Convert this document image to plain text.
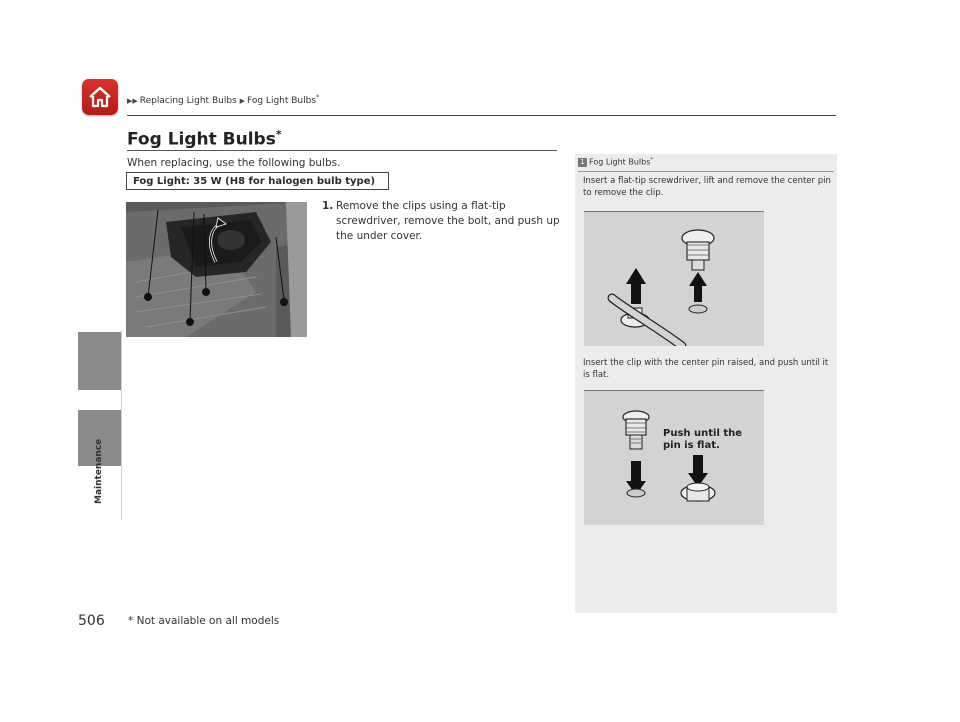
▶▶ Replacing Light Bulbs ▶ Fog Light Bulbs*
Maintenance
Fog Light Bulbs*
When replacing, use the following bulbs.
Fog Light: 35 W (H8 for halogen bulb type)
1. Remove the clips using a flat-tip screwdriver, remove the bolt, and push up the under cover.
1 Fog Light Bulbs*
Insert a flat-tip screwdriver, lift and remove the center pin to remove the clip.
Insert the clip with the center pin raised, and push until it is flat.
Push until the pin is flat.
506 * Not available on all models
